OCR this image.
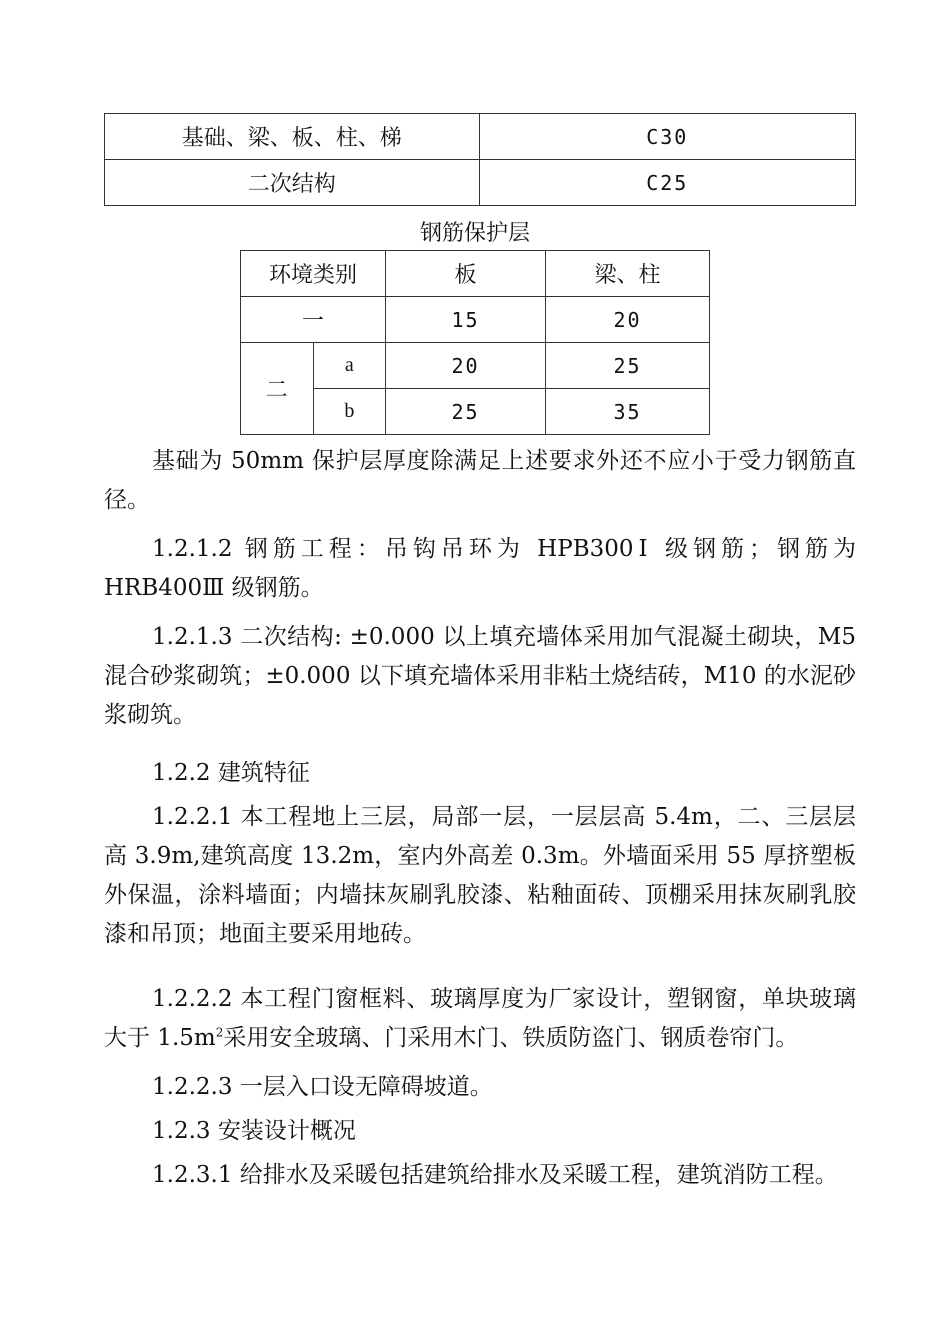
基础、梁、板、柱、梯	C30
二次结构	C25
钢筋保护层
环境类别		板	梁、柱
一		15	20
二	a	20	25
	b	25	35

基础为 50mm 保护层厚度除满足上述要求外还不应小于受力钢筋直径。

1.2.1.2 钢筋工程：吊钩吊环为 HPB300Ⅰ 级钢筋；钢筋为 HRB400Ⅲ 级钢筋。

1.2.1.3 二次结构: ±0.000 以上填充墙体采用加气混凝土砌块，M5 混合砂浆砌筑；±0.000 以下填充墙体采用非粘土烧结砖，M10 的水泥砂浆砌筑。

1.2.2 建筑特征

1.2.2.1 本工程地上三层，局部一层，一层层高 5.4m，二、三层层高 3.9m,建筑高度 13.2m，室内外高差 0.3m。外墙面采用 55 厚挤塑板外保温，涂料墙面；内墙抹灰刷乳胶漆、粘釉面砖、顶棚采用抹灰刷乳胶漆和吊顶；地面主要采用地砖。

1.2.2.2 本工程门窗框料、玻璃厚度为厂家设计，塑钢窗，单块玻璃大于 $1.5m^2$采用安全玻璃、门采用木门、铁质防盗门、钢质卷帘门。

1.2.2.3 一层入口设无障碍坡道。

1.2.3 安装设计概况

1.2.3.1 给排水及采暖包括建筑给排水及采暖工程，建筑消防工程。
